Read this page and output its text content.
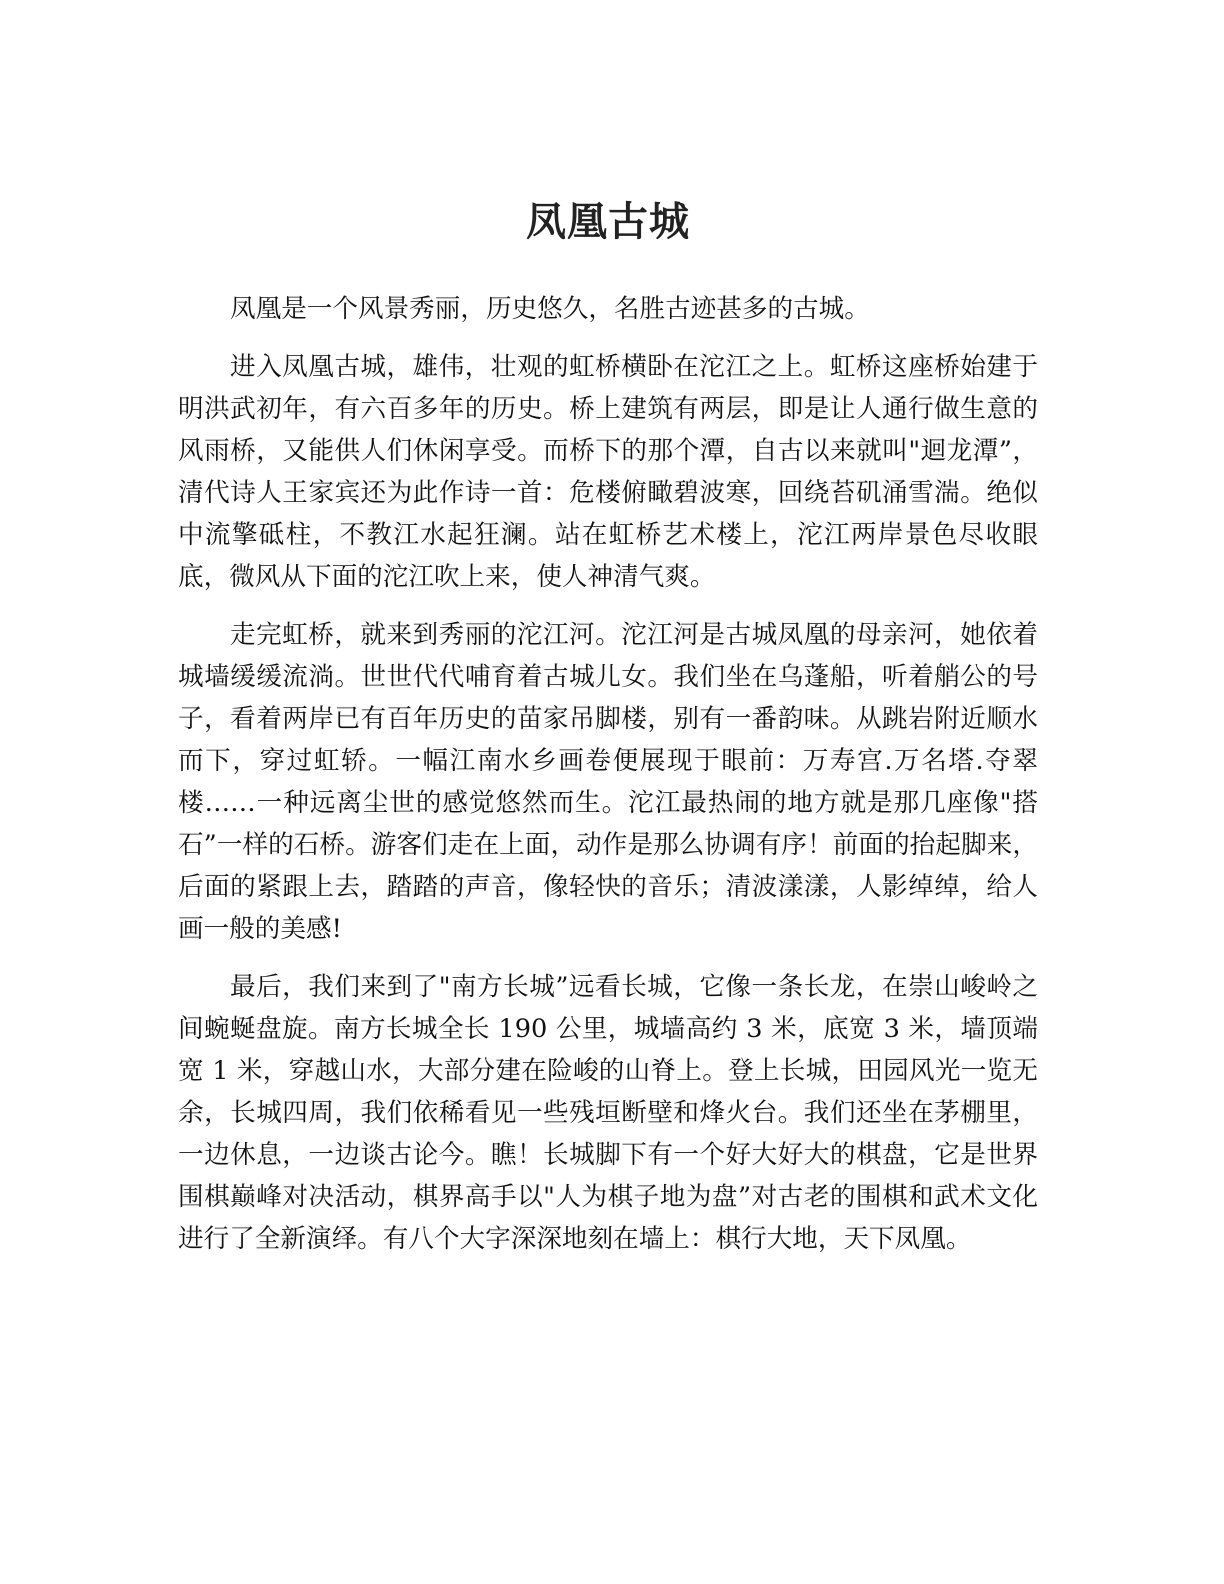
凤凰古城

凤凰是一个风景秀丽，历史悠久，名胜古迹甚多的古城。

进入凤凰古城，雄伟，壮观的虹桥横卧在沱江之上。虹桥这座桥始建于明洪武初年，有六百多年的历史。桥上建筑有两层，即是让人通行做生意的风雨桥，又能供人们休闲享受。而桥下的那个潭，自古以来就叫"迴龙潭”，清代诗人王家宾还为此作诗一首：危楼俯瞰碧波寒，回绕苔矶涌雪湍。绝似中流擎砥柱，不教江水起狂澜。站在虹桥艺术楼上，沱江两岸景色尽收眼底，微风从下面的沱江吹上来，使人神清气爽。

走完虹桥，就来到秀丽的沱江河。沱江河是古城凤凰的母亲河，她依着城墙缓缓流淌。世世代代哺育着古城儿女。我们坐在乌蓬船，听着艄公的号子，看着两岸已有百年历史的苗家吊脚楼，别有一番韵味。从跳岩附近顺水而下，穿过虹轿。一幅江南水乡画卷便展现于眼前：万寿宫.万名塔.夺翠楼……一种远离尘世的感觉悠然而生。沱江最热闹的地方就是那几座像"搭石”一样的石桥。游客们走在上面，动作是那么协调有序！前面的抬起脚来，后面的紧跟上去，踏踏的声音，像轻快的音乐；清波漾漾，人影绰绰，给人画一般的美感!

最后，我们来到了"南方长城”远看长城，它像一条长龙，在崇山峻岭之间蜿蜒盘旋。南方长城全长 190 公里，城墙高约 3 米，底宽 3 米，墙顶端宽 1 米，穿越山水，大部分建在险峻的山脊上。登上长城，田园风光一览无余，长城四周，我们依稀看见一些残垣断壁和烽火台。我们还坐在茅棚里，一边休息，一边谈古论今。瞧！长城脚下有一个好大好大的棋盘，它是世界围棋巅峰对决活动，棋界高手以"人为棋子地为盘”对古老的围棋和武术文化进行了全新演绎。有八个大字深深地刻在墙上：棋行大地，天下凤凰。
